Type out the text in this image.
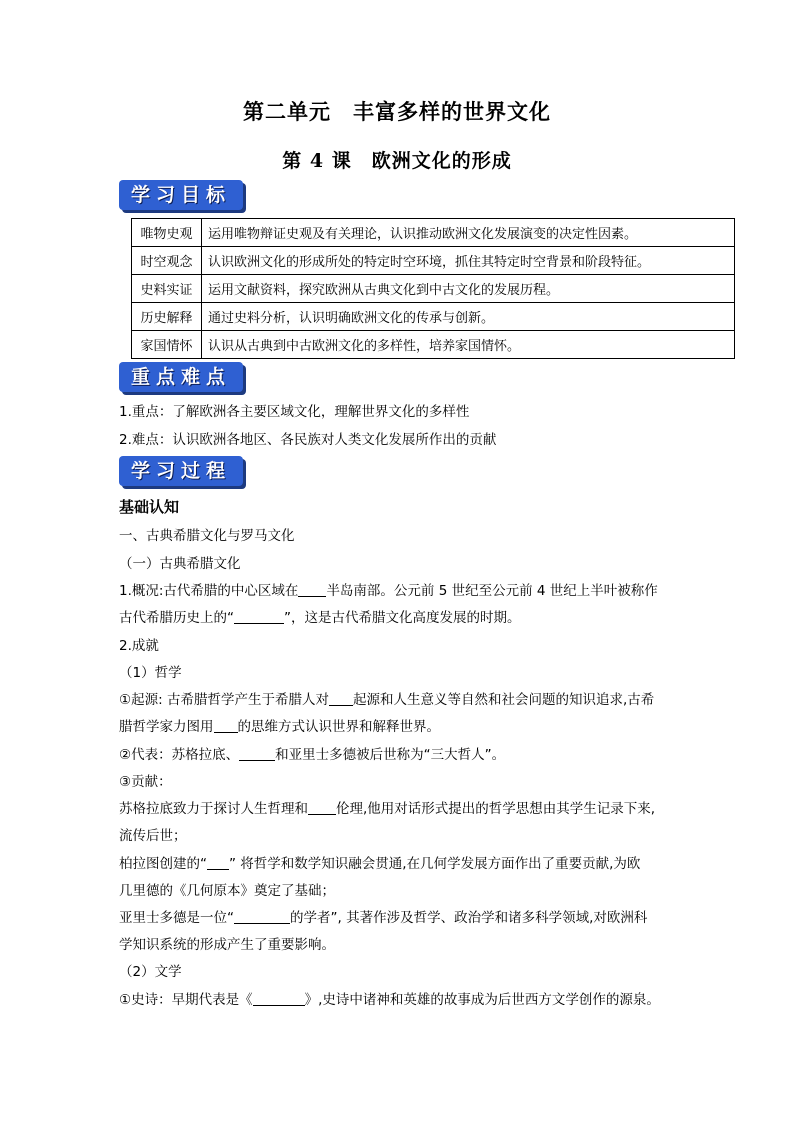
第二单元　丰富多样的世界文化
第 4 课　欧洲文化的形成
学习目标
唯物史观	运用唯物辩证史观及有关理论，认识推动欧洲文化发展演变的决定性因素。
时空观念	认识欧洲文化的形成所处的特定时空环境，抓住其特定时空背景和阶段特征。
史料实证	运用文献资料，探究欧洲从古典文化到中古文化的发展历程。
历史解释	通过史料分析，认识明确欧洲文化的传承与创新。
家国情怀	认识从古典到中古欧洲文化的多样性，培养家国情怀。
重点难点
1.重点：了解欧洲各主要区域文化，理解世界文化的多样性
2.难点：认识欧洲各地区、各民族对人类文化发展所作出的贡献
学习过程
基础认知
一、古典希腊文化与罗马文化
（一）古典希腊文化
1.概况:古代希腊的中心区域在 半岛南部。公元前 5 世纪至公元前 4 世纪上半叶被称作
古代希腊历史上的“	”，这是古代希腊文化高度发展的时期。
2.成就
（1）哲学
①起源: 古希腊哲学产生于希腊人对 起源和人生意义等自然和社会问题的知识追求,古希
腊哲学家力图用 的思维方式认识世界和解释世界。
②代表：苏格拉底、	和亚里士多德被后世称为“三大哲人”。
③贡献：
苏格拉底致力于探讨人生哲理和 伦理,他用对话形式提出的哲学思想由其学生记录下来,
流传后世；
柏拉图创建的“ ” 将哲学和数学知识融会贯通,在几何学发展方面作出了重要贡献,为欧
几里德的《几何原本》奠定了基础；
亚里士多德是一位“	的学者”, 其著作涉及哲学、政治学和诸多科学领域,对欧洲科
学知识系统的形成产生了重要影响。
（2）文学
①史诗：早期代表是《	》,史诗中诸神和英雄的故事成为后世西方文学创作的源泉。
